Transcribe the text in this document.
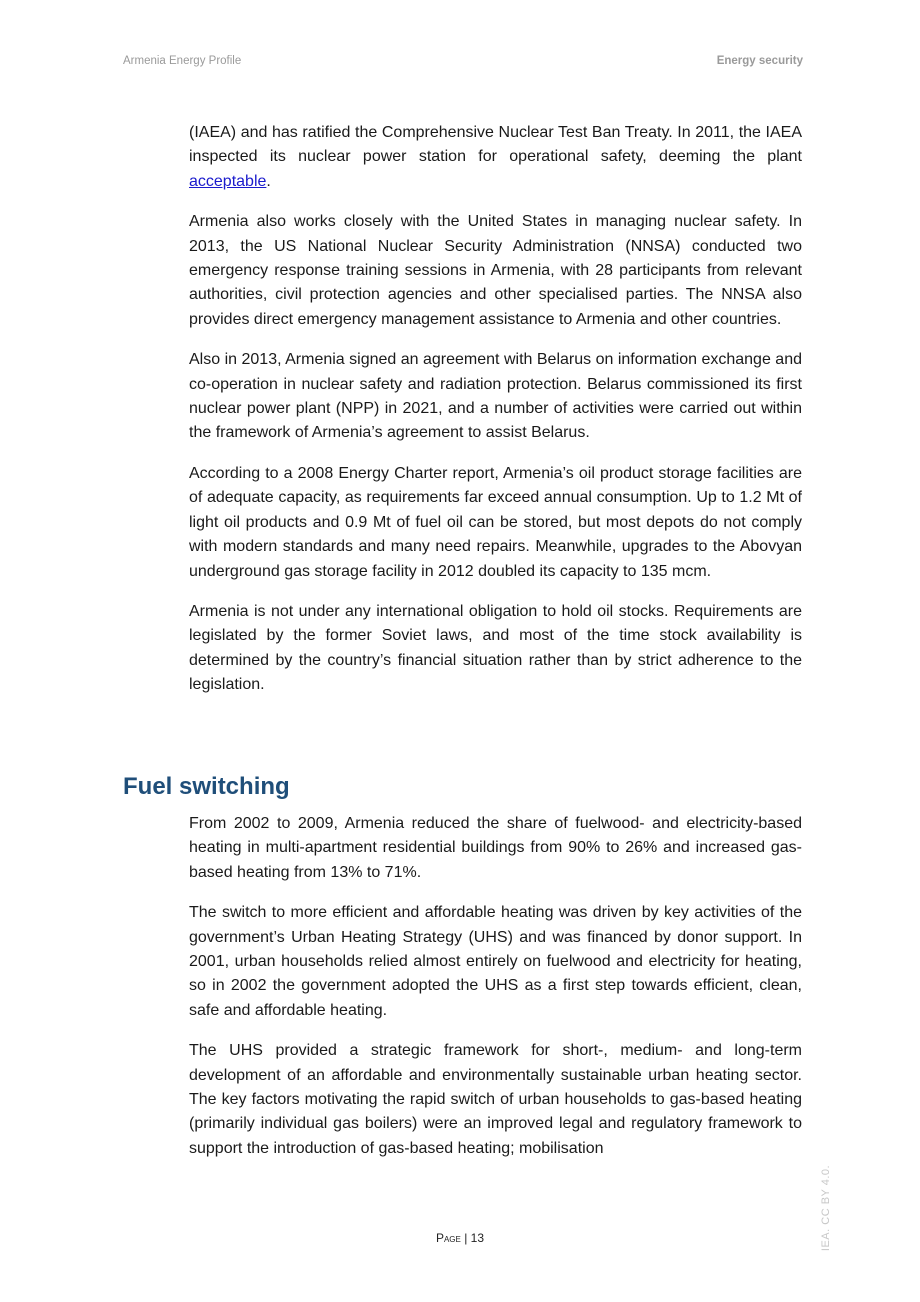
Armenia Energy Profile	Energy security

(IAEA) and has ratified the Comprehensive Nuclear Test Ban Treaty. In 2011, the IAEA inspected its nuclear power station for operational safety, deeming the plant acceptable.

Armenia also works closely with the United States in managing nuclear safety. In 2013, the US National Nuclear Security Administration (NNSA) conducted two emergency response training sessions in Armenia, with 28 participants from relevant authorities, civil protection agencies and other specialised parties. The NNSA also provides direct emergency management assistance to Armenia and other countries.

Also in 2013, Armenia signed an agreement with Belarus on information exchange and co-operation in nuclear safety and radiation protection. Belarus commissioned its first nuclear power plant (NPP) in 2021, and a number of activities were carried out within the framework of Armenia’s agreement to assist Belarus.

According to a 2008 Energy Charter report, Armenia’s oil product storage facilities are of adequate capacity, as requirements far exceed annual consumption. Up to 1.2 Mt of light oil products and 0.9 Mt of fuel oil can be stored, but most depots do not comply with modern standards and many need repairs. Meanwhile, upgrades to the Abovyan underground gas storage facility in 2012 doubled its capacity to 135 mcm.

Armenia is not under any international obligation to hold oil stocks. Requirements are legislated by the former Soviet laws, and most of the time stock availability is determined by the country’s financial situation rather than by strict adherence to the legislation.

Fuel switching

From 2002 to 2009, Armenia reduced the share of fuelwood- and electricity-based heating in multi-apartment residential buildings from 90% to 26% and increased gas-based heating from 13% to 71%.

The switch to more efficient and affordable heating was driven by key activities of the government’s Urban Heating Strategy (UHS) and was financed by donor support. In 2001, urban households relied almost entirely on fuelwood and electricity for heating, so in 2002 the government adopted the UHS as a first step towards efficient, clean, safe and affordable heating.

The UHS provided a strategic framework for short-, medium- and long-term development of an affordable and environmentally sustainable urban heating sector. The key factors motivating the rapid switch of urban households to gas-based heating (primarily individual gas boilers) were an improved legal and regulatory framework to support the introduction of gas-based heating; mobilisation

Page | 13	IEA. CC BY 4.0.
